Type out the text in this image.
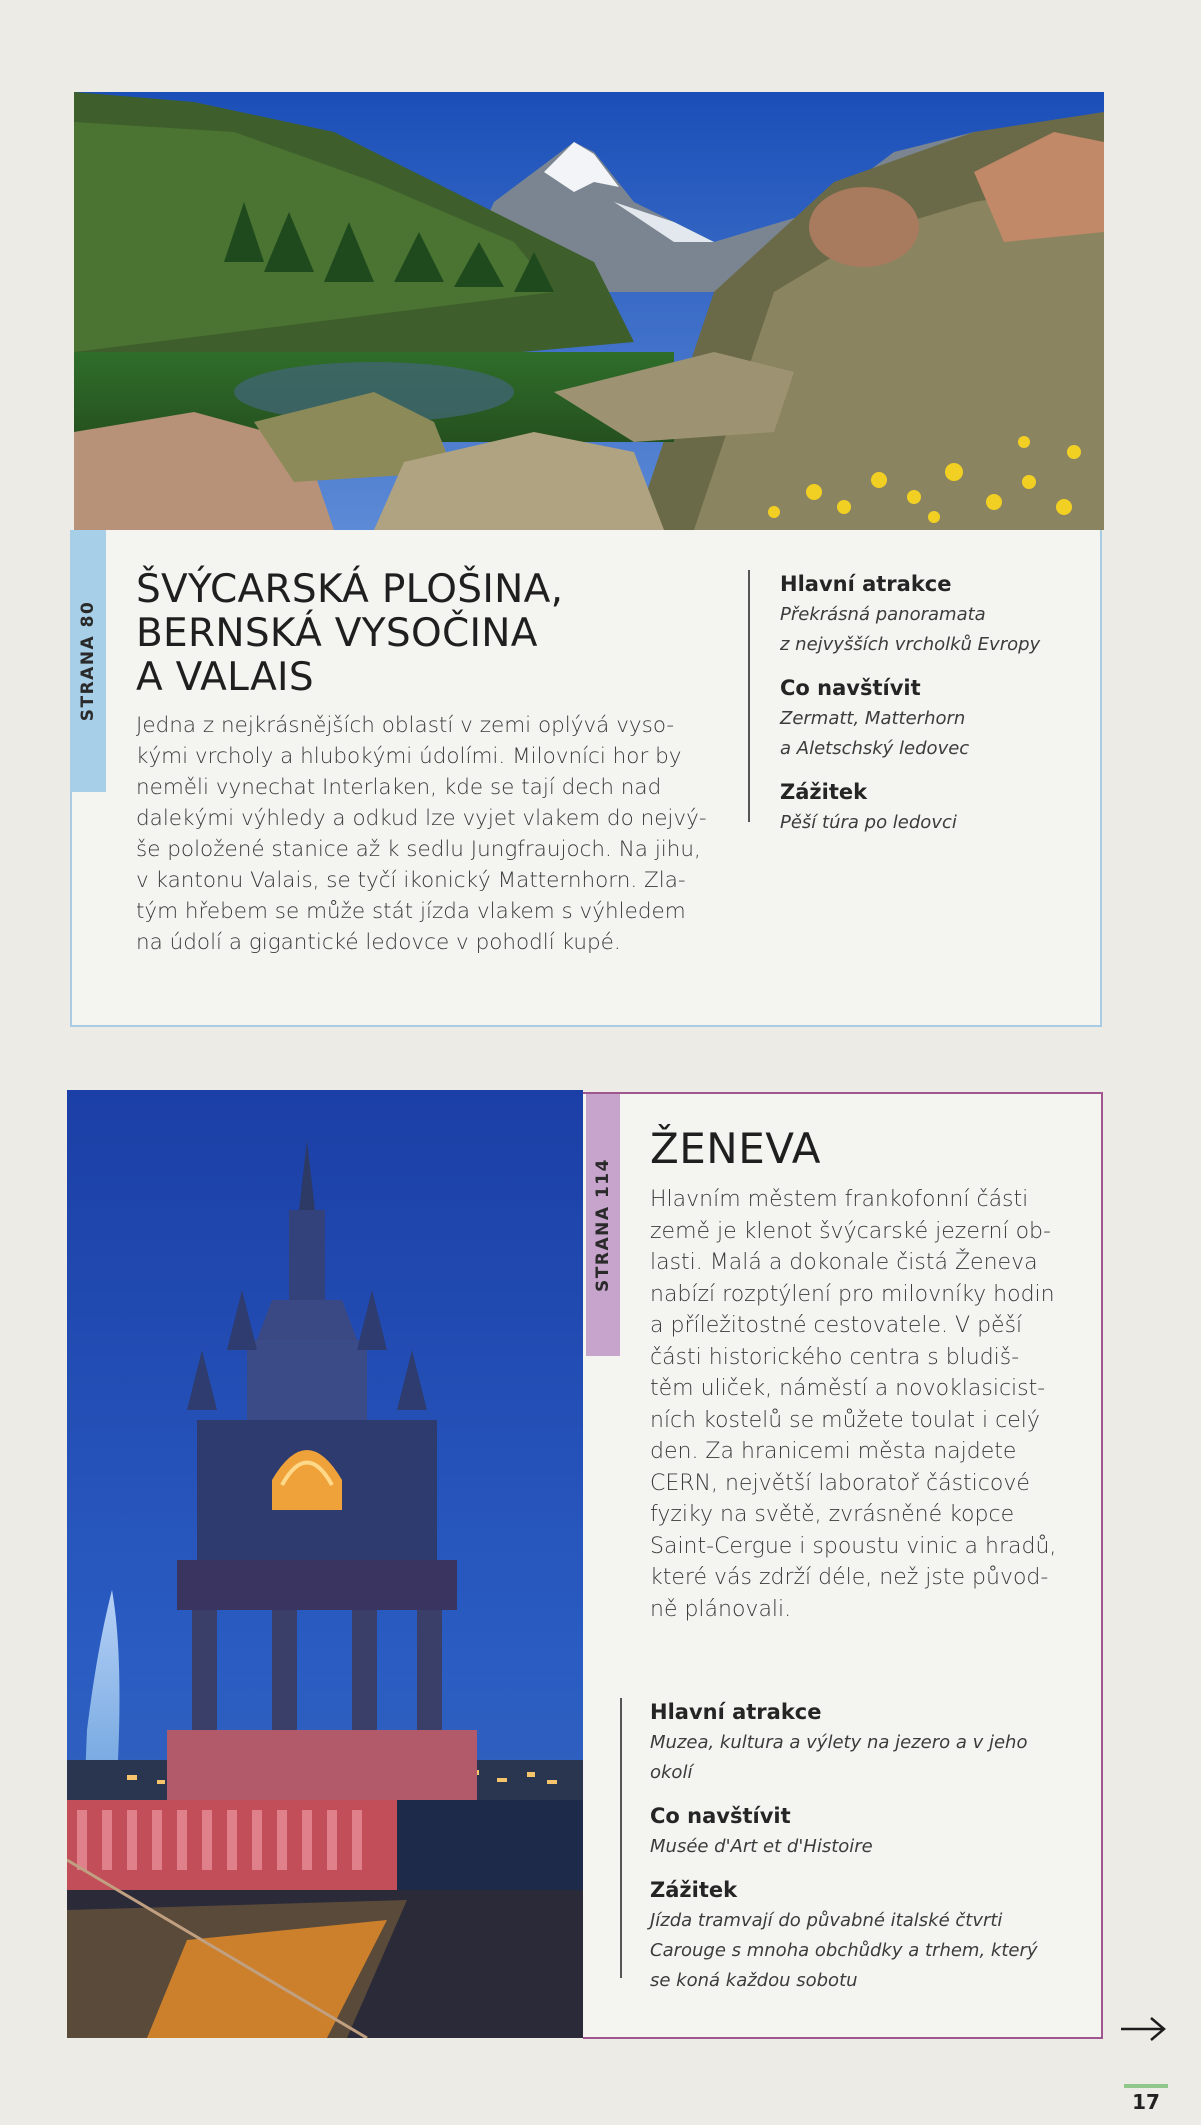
STRANA 80
ŠVÝCARSKÁ PLOŠINA,
BERNSKÁ VYSOČINA
A VALAIS

Jedna z nejkrásnějších oblastí v zemi oplývá vyso-
kými vrcholy a hlubokými údolími. Milovníci hor by
neměli vynechat Interlaken, kde se tají dech nad
dalekými výhledy a odkud lze vyjet vlakem do nejvý-
še položené stanice až k sedlu Jungfraujoch. Na jihu,
v kantonu Valais, se tyčí ikonický Matternhorn. Zla-
tým hřebem se může stát jízda vlakem s výhledem
na údolí a gigantické ledovce v pohodlí kupé.

Hlavní atrakce
Překrásná panoramata
z nejvyšších vrcholků Evropy
Co navštívit
Zermatt, Matterhorn
a Aletschský ledovec
Zážitek
Pěší túra po ledovci
STRANA 114
ŽENEVA

Hlavním městem frankofonní části
země je klenot švýcarské jezerní ob-
lasti. Malá a dokonale čistá Ženeva
nabízí rozptýlení pro milovníky hodin
a příležitostné cestovatele. V pěší
části historického centra s bludiš-
těm uliček, náměstí a novoklasicist-
ních kostelů se můžete toulat i celý
den. Za hranicemi města najdete
CERN, největší laboratoř částicové
fyziky na světě, zvrásněné kopce
Saint-Cergue i spoustu vinic a hradů,
které vás zdrží déle, než jste původ-
ně plánovali.

Hlavní atrakce
Muzea, kultura a výlety na jezero a v jeho
okolí
Co navštívit
Musée d'Art et d'Histoire
Zážitek
Jízda tramvají do půvabné italské čtvrti
Carouge s mnoha obchůdky a trhem, který
se koná každou sobotu
17
